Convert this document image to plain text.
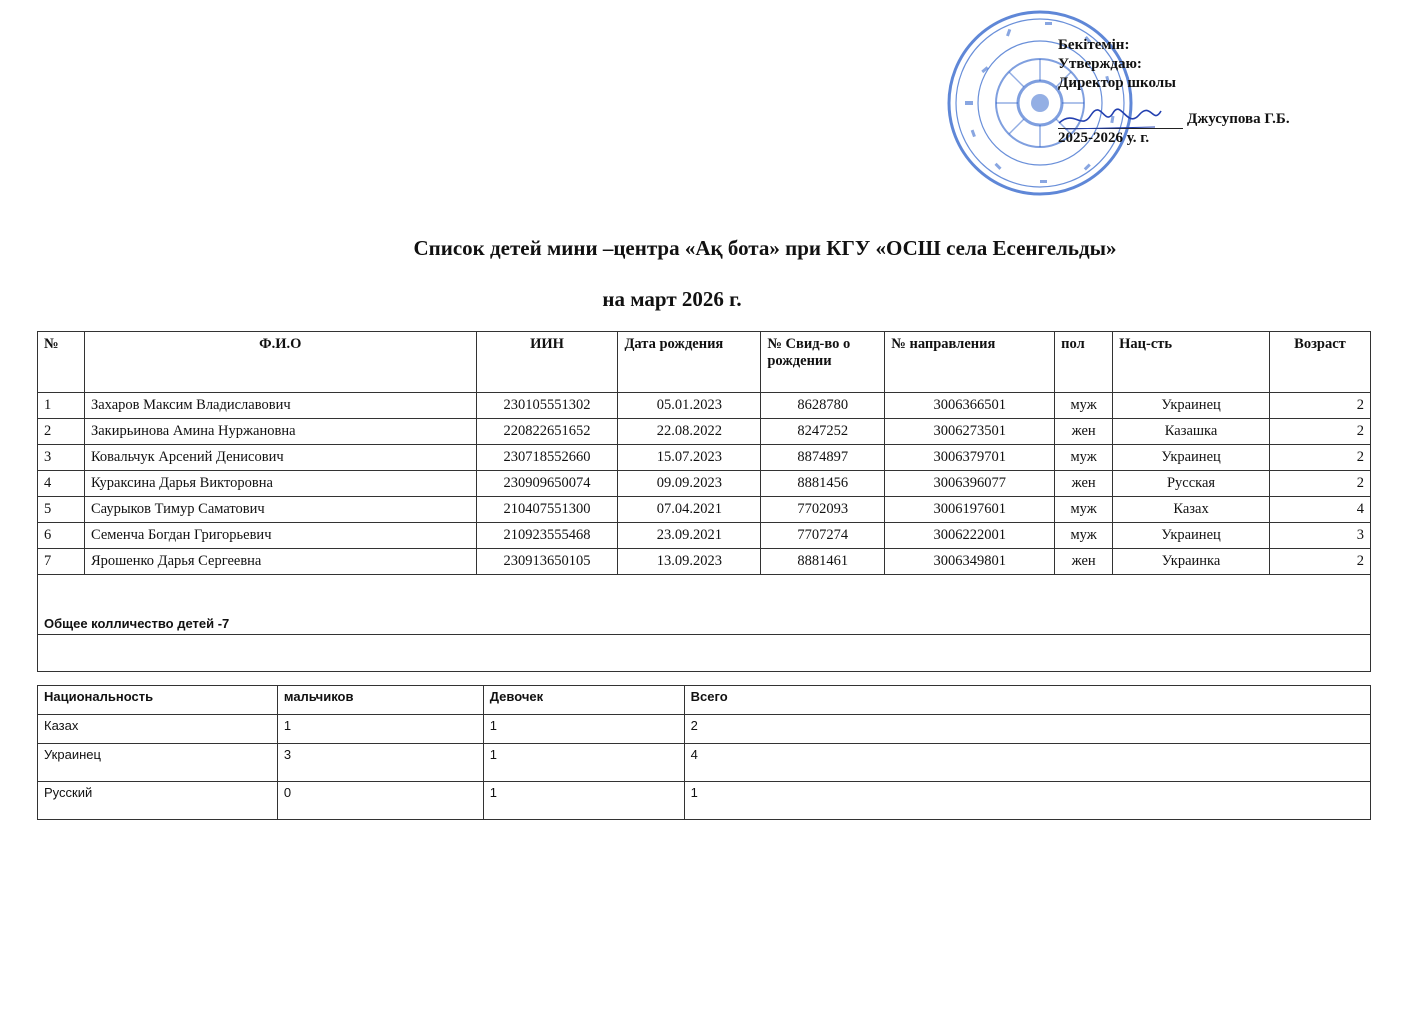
Бекітемін:
Утверждаю:
Директор школы
Джусупова Г.Б.
2025-2026 у. г.
Список детей мини –центра «Ақ бота» при КГУ «ОСШ села Есенгельды»
на март 2026 г.
№	Ф.И.О	ИИН	Дата рождения	№ Свид-во о рождении	№ направления	пол	Нац-сть	Возраст
1	Захаров Максим Владиславович	230105551302	05.01.2023	8628780	3006366501	муж	Украинец	2
2	Закирьинова Амина Нуржановна	220822651652	22.08.2022	8247252	3006273501	жен	Казашка	2
3	Ковальчук Арсений Денисович	230718552660	15.07.2023	8874897	3006379701	муж	Украинец	2
4	Кураксина Дарья Викторовна	230909650074	09.09.2023	8881456	3006396077	жен	Русская	2
5	Саурыков Тимур Саматович	210407551300	07.04.2021	7702093	3006197601	муж	Казах	4
6	Семенча Богдан Григорьевич	210923555468	23.09.2021	7707274	3006222001	муж	Украинец	3
7	Ярошенко Дарья Сергеевна	230913650105	13.09.2023	8881461	3006349801	жен	Украинка	2
Общее колличество детей -7								

Национальность	мальчиков	Девочек	Всего
Казах	1	1	2
Украинец	3	1	4
Русский	0	1	1
